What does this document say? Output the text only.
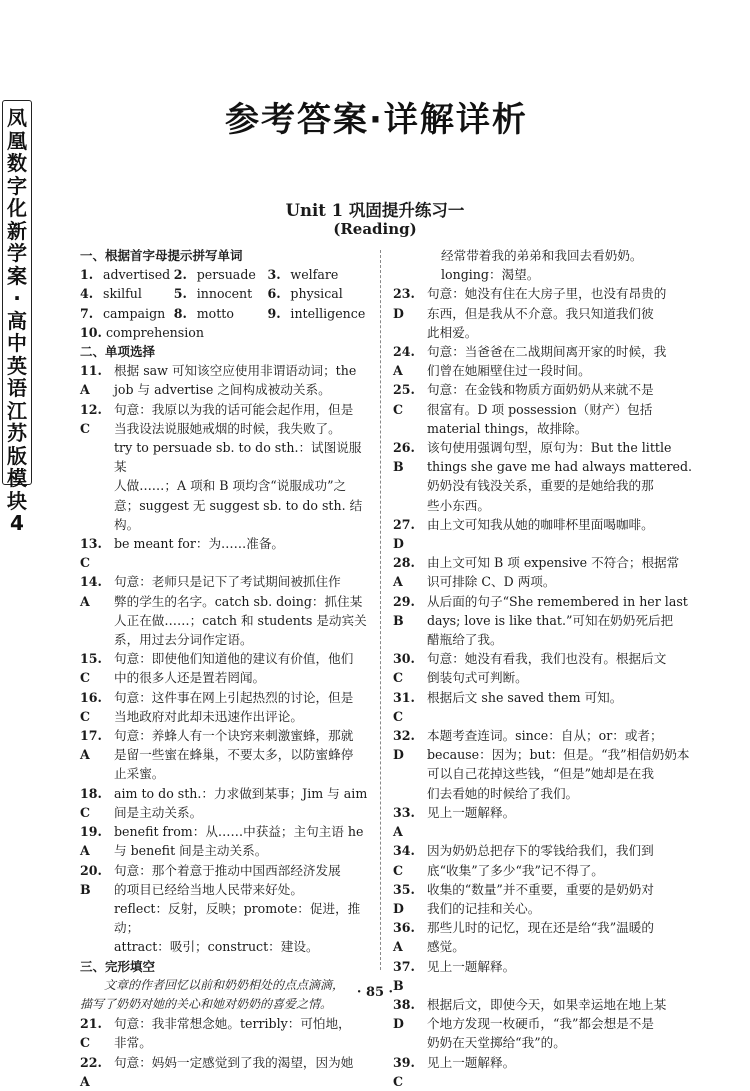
凤
凰
数
字
化
新
学
案
·
高
中
英
语
江
苏
版
模
块
4
参考答案·详解详析
Unit 1 巩固提升练习一
(Reading)
一、根据首字母提示拼写单词
1. advertised 2. persuade 3. welfare
4. skilful	5. innocent	6. physical
7. campaign 8. motto	9. intelligence
10. comprehension
二、单项选择
11. A
根据 saw 可知该空应使用非谓语动词；the
job 与 advertise 之间构成被动关系。
12. C
句意：我原以为我的话可能会起作用，但是
当我设法说服她戒烟的时候，我失败了。
try to persuade sb. to do sth.：试图说服某
人做……；A 项和 B 项均含“说服成功”之
意；suggest 无 suggest sb. to do sth. 结构。
13. C
be meant for：为……准备。
14. A
句意：老师只是记下了考试期间被抓住作
弊的学生的名字。catch sb. doing：抓住某
人正在做……；catch 和 students 是动宾关
系，用过去分词作定语。
15. C
句意：即使他们知道他的建议有价值，他们
中的很多人还是置若罔闻。
16. C
句意：这件事在网上引起热烈的讨论，但是
当地政府对此却未迅速作出评论。
17. A
句意：养蜂人有一个诀窍来刺激蜜蜂，那就
是留一些蜜在蜂巢，不要太多，以防蜜蜂停
止采蜜。
18. C
aim to do sth.：力求做到某事；Jim 与 aim
间是主动关系。
19. A
benefit from：从……中获益；主句主语 he
与 benefit 间是主动关系。
20. B
句意：那个着意于推动中国西部经济发展
的项目已经给当地人民带来好处。
reflect：反射，反映；promote：促进，推动；
attract：吸引；construct：建设。
三、完形填空
文章的作者回忆以前和奶奶相处的点点滴滴，
描写了奶奶对她的关心和她对奶奶的喜爱之情。
21. C
句意：我非常想念她。terribly：可怕地，
非常。
22. A
句意：妈妈一定感觉到了我的渴望，因为她
经常带着我的弟弟和我回去看奶奶。
longing：渴望。
23. D
句意：她没有住在大房子里，也没有昂贵的
东西，但是我从不介意。我只知道我们彼
此相爱。
24. A
句意：当爸爸在二战期间离开家的时候，我
们曾在她厢壁住过一段时间。
25. C
句意：在金钱和物质方面奶奶从来就不是
很富有。D 项 possession（财产）包括
material things，故排除。
26. B
该句使用强调句型，原句为：But the little
things she gave me had always mattered.
奶奶没有钱没关系，重要的是她给我的那
些小东西。
27. D
由上文可知我从她的咖啡杯里面喝咖啡。
28. A
由上文可知 B 项 expensive 不符合；根据常
识可排除 C、D 两项。
29. B
从后面的句子“She remembered in her last
days; love is like that.”可知在奶奶死后把
醋瓶给了我。
30. C
句意：她没有看我，我们也没有。根据后文
倒装句式可判断。
31. C
根据后文 she saved them 可知。
32. D
本题考查连词。since：自从；or：或者；
because：因为；but：但是。“我”相信奶奶本
可以自己花掉这些钱，“但是”她却是在我
们去看她的时候给了我们。
33. A
见上一题解释。
34. C
因为奶奶总把存下的零钱给我们，我们到
底“收集”了多少“我”记不得了。
35. D
收集的“数量”并不重要，重要的是奶奶对
我们的记挂和关心。
36. A
那些儿时的记忆，现在还是给“我”温暖的
感觉。
37. B
见上一题解释。
38. D
根据后文，即使今天，如果幸运地在地上某
个地方发现一枚硬币，“我”都会想是不是
奶奶在天堂掷给“我”的。
39. C
见上一题解释。
· 85 ·
